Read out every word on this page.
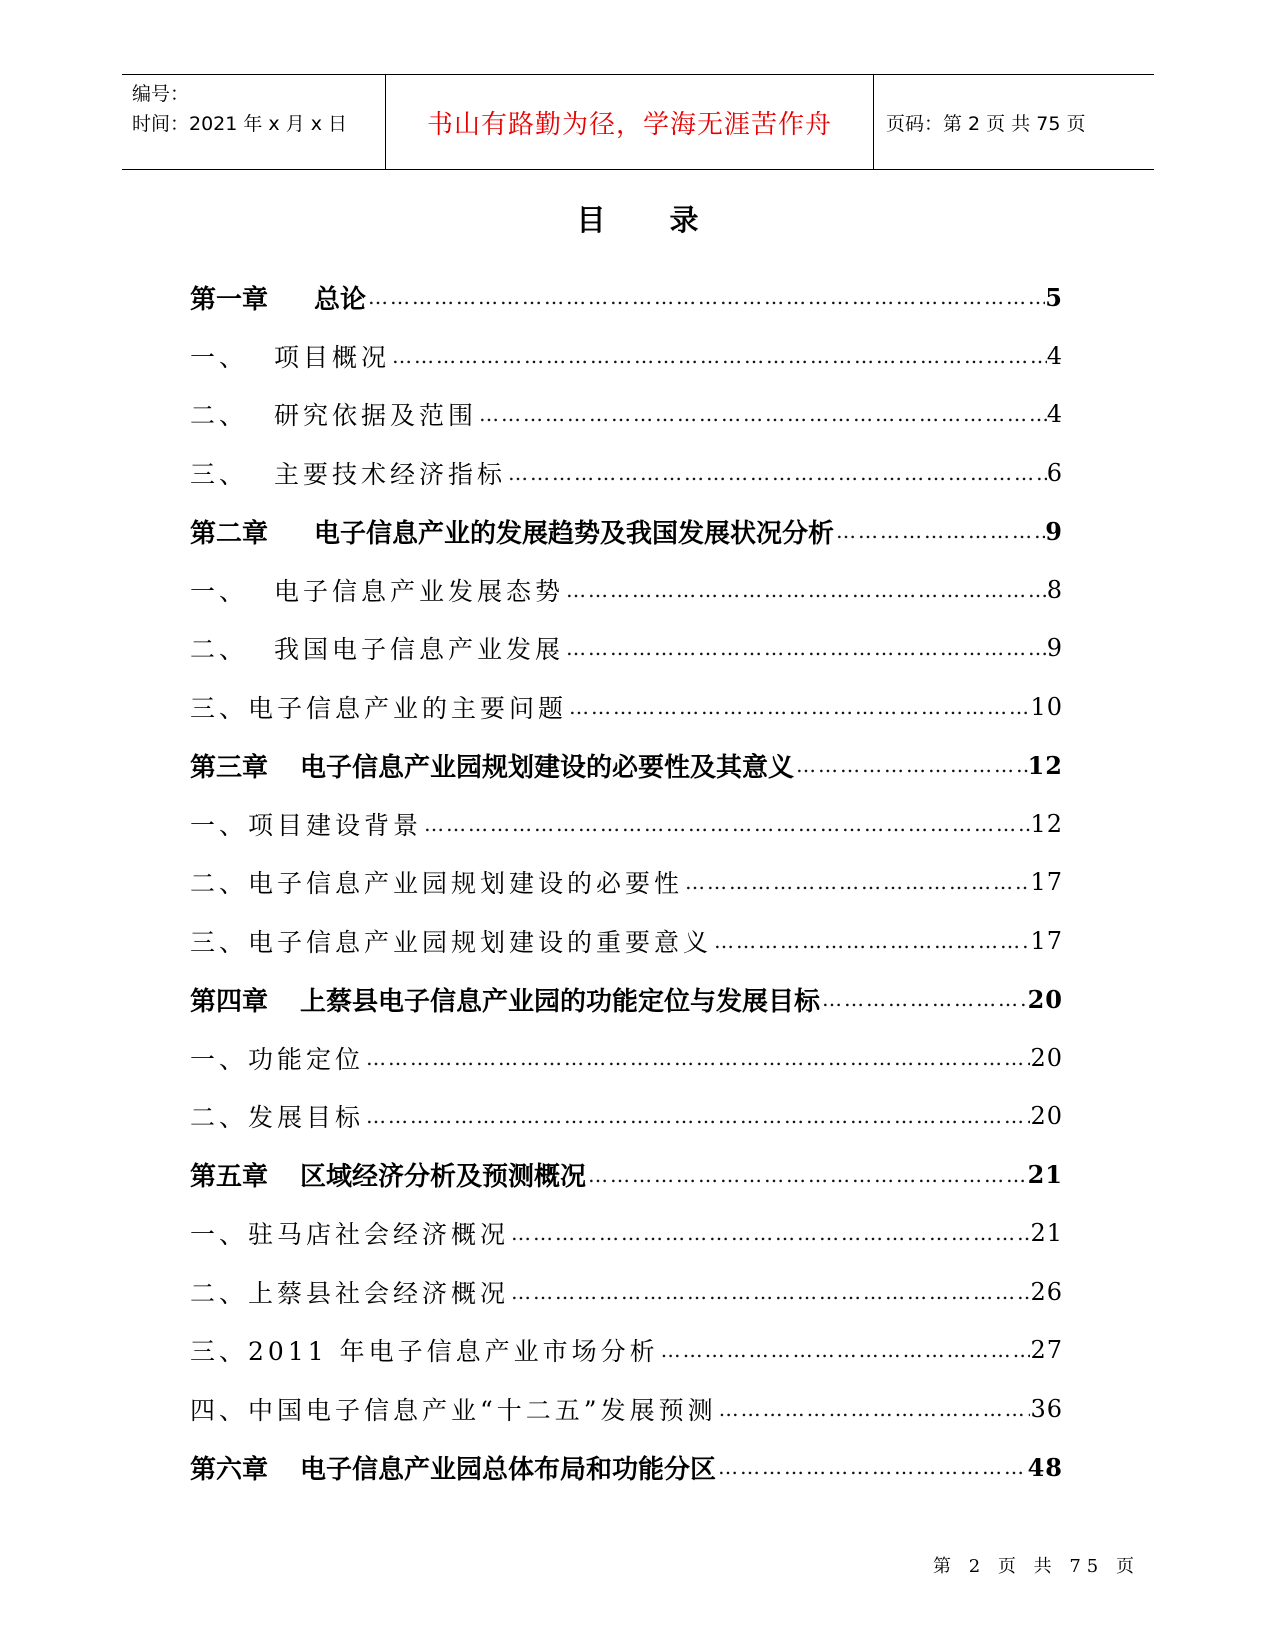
编号：
时间：2021 年 x 月 x 日	书山有路勤为径，学海无涯苦作舟	页码：第 2 页 共 75 页
目录
第一章 总论 …………………………………………………………………………………………………………………………………………………………………………………	5
一、 项目概况 …………………………………………………………………………………………………………………………………………………………………………………	4
二、 研究依据及范围 …………………………………………………………………………………………………………………………………………………………………………………	4
三、 主要技术经济指标 …………………………………………………………………………………………………………………………………………………………………………………	6
第二章 电子信息产业的发展趋势及我国发展状况分析 …………………………………………………………………………………………………………………………………………………………………………………	9
一、 电子信息产业发展态势 …………………………………………………………………………………………………………………………………………………………………………………	8
二、 我国电子信息产业发展 …………………………………………………………………………………………………………………………………………………………………………………	9
三、电子信息产业的主要问题 …………………………………………………………………………………………………………………………………………………………………………………	10
第三章 电子信息产业园规划建设的必要性及其意义 …………………………………………………………………………………………………………………………………………………………………………………	12
一、项目建设背景 …………………………………………………………………………………………………………………………………………………………………………………	12
二、电子信息产业园规划建设的必要性 …………………………………………………………………………………………………………………………………………………………………………………	17
三、电子信息产业园规划建设的重要意义 …………………………………………………………………………………………………………………………………………………………………………………	17
第四章 上蔡县电子信息产业园的功能定位与发展目标 …………………………………………………………………………………………………………………………………………………………………………………	20
一、功能定位 …………………………………………………………………………………………………………………………………………………………………………………	20
二、发展目标 …………………………………………………………………………………………………………………………………………………………………………………	20
第五章 区域经济分析及预测概况 …………………………………………………………………………………………………………………………………………………………………………………	21
一、驻马店社会经济概况 …………………………………………………………………………………………………………………………………………………………………………………	21
二、上蔡县社会经济概况 …………………………………………………………………………………………………………………………………………………………………………………	26
三、2011 年电子信息产业市场分析 …………………………………………………………………………………………………………………………………………………………………………………	27
四、中国电子信息产业“十二五”发展预测 …………………………………………………………………………………………………………………………………………………………………………………	36
第六章 电子信息产业园总体布局和功能分区 …………………………………………………………………………………………………………………………………………………………………………………	48
第 2 页 共 75 页
